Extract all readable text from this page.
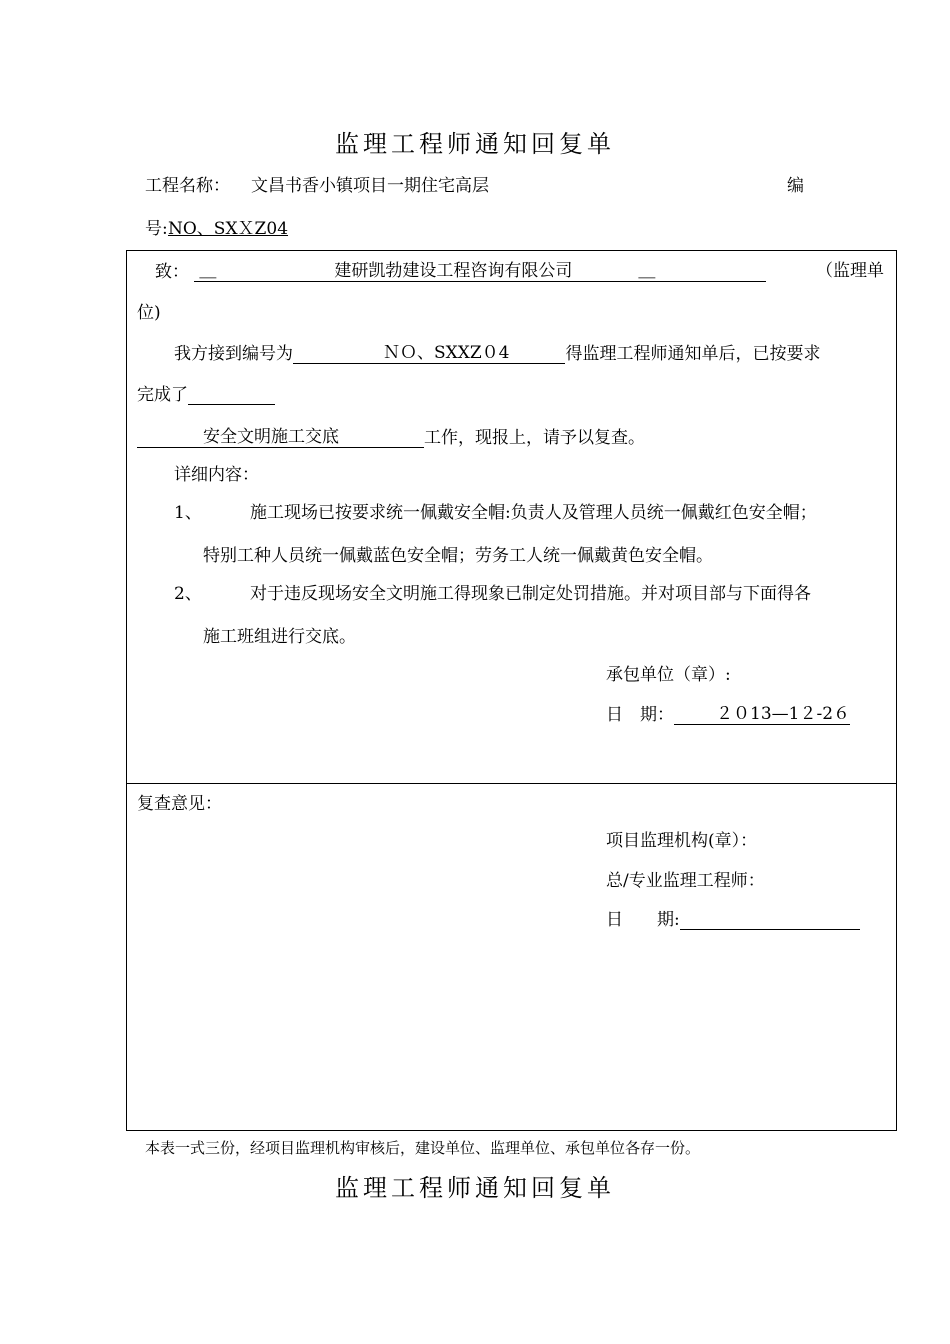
监理工程师通知回复单
工程名称： 文昌书香小镇项目一期住宅高层	编
号: NO、SXＸZ04
致： ＿	建研凯勃建设工程咨询有限公司	＿	（监理单
位)
我方接到编号为	ＮＯ、SXXZ０4	得监理工程师通知单后，已按要求
完成了
安全文明施工交底	工作，现报上，请予以复查。
详细内容：
1、	施工现场已按要求统一佩戴安全帽:负责人及管理人员统一佩戴红色安全帽；
特别工种人员统一佩戴蓝色安全帽；劳务工人统一佩戴黄色安全帽。
2、	对于违反现场安全文明施工得现象已制定处罚措施。并对项目部与下面得各
施工班组进行交底。
承包单位（章）:
日　期： ２０13—1２-2６
复查意见：
项目监理机构(章）：
总/专业监理工程师：
日　　期:
本表一式三份，经项目监理机构审核后，建设单位、监理单位、承包单位各存一份。
监理工程师通知回复单
